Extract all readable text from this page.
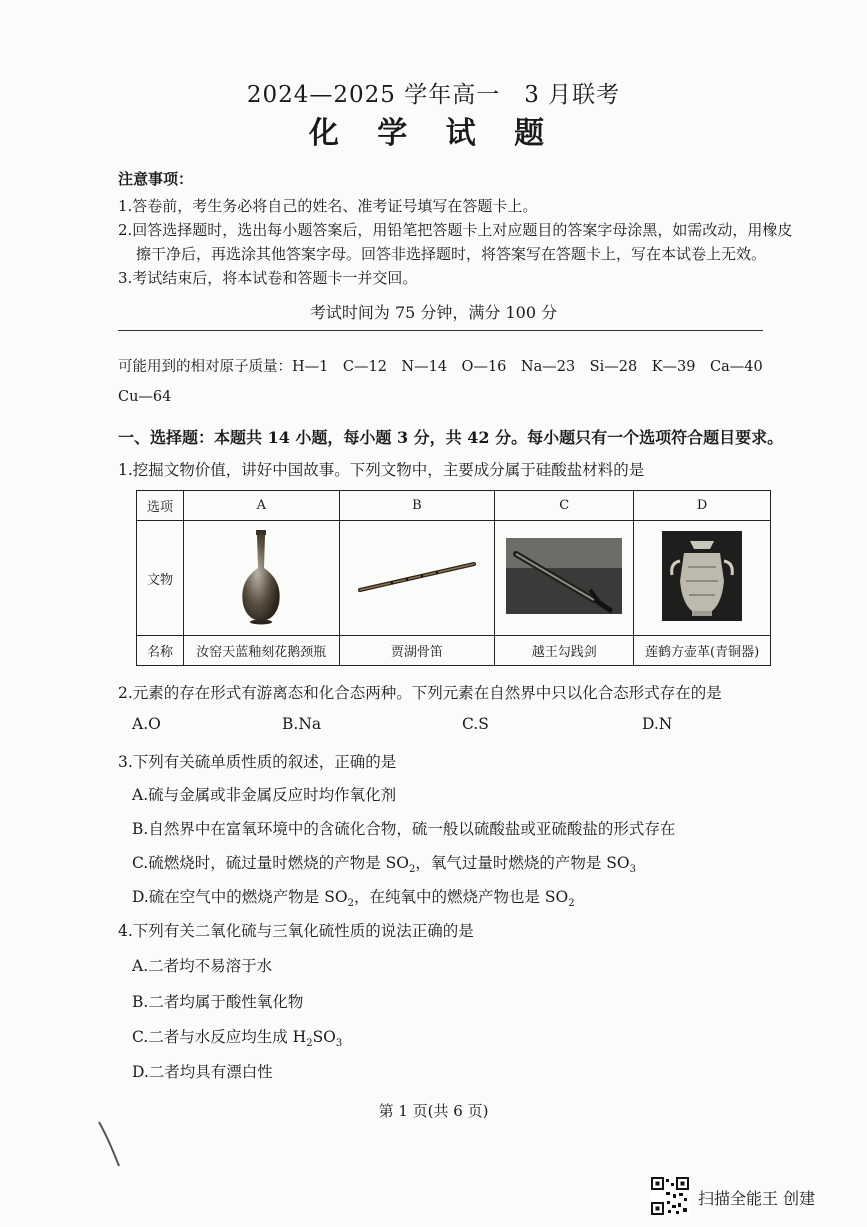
2024—2025 学年高一　3 月联考
化 学 试 题
注意事项：
1.答卷前，考生务必将自己的姓名、准考证号填写在答题卡上。
2.回答选择题时，选出每小题答案后，用铅笔把答题卡上对应题目的答案字母涂黑，如需改动，用橡皮
擦干净后，再选涂其他答案字母。回答非选择题时，将答案写在答题卡上，写在本试卷上无效。
3.考试结束后，将本试卷和答题卡一并交回。
考试时间为 75 分钟，满分 100 分
可能用到的相对原子质量：H—1　C—12　N—14　O—16　Na—23　Si—28　K—39　Ca—40
Cu—64
一、选择题：本题共 14 小题，每小题 3 分，共 42 分。每小题只有一个选项符合题目要求。
1.挖掘文物价值，讲好中国故事。下列文物中，主要成分属于硅酸盐材料的是
选项	A	B	C	D
文物				
名称	汝窑天蓝釉刻花鹅颈瓶	贾湖骨笛	越王勾践剑	莲鹤方壶革(青铜器)
2.元素的存在形式有游离态和化合态两种。下列元素在自然界中只以化合态形式存在的是
A.O	B.Na	C.S	D.N
3.下列有关硫单质性质的叙述，正确的是
A.硫与金属或非金属反应时均作氧化剂
B.自然界中在富氧环境中的含硫化合物，硫一般以硫酸盐或亚硫酸盐的形式存在
C.硫燃烧时，硫过量时燃烧的产物是 $SO_2$，氧气过量时燃烧的产物是 $SO_3$
D.硫在空气中的燃烧产物是 $SO_2$，在纯氧中的燃烧产物也是 $SO_2$
4.下列有关二氧化硫与三氧化硫性质的说法正确的是
A.二者均不易溶于水
B.二者均属于酸性氧化物
C.二者与水反应均生成 $H_2SO_3$
D.二者均具有漂白性
第 1 页(共 6 页)
扫描全能王 创建
